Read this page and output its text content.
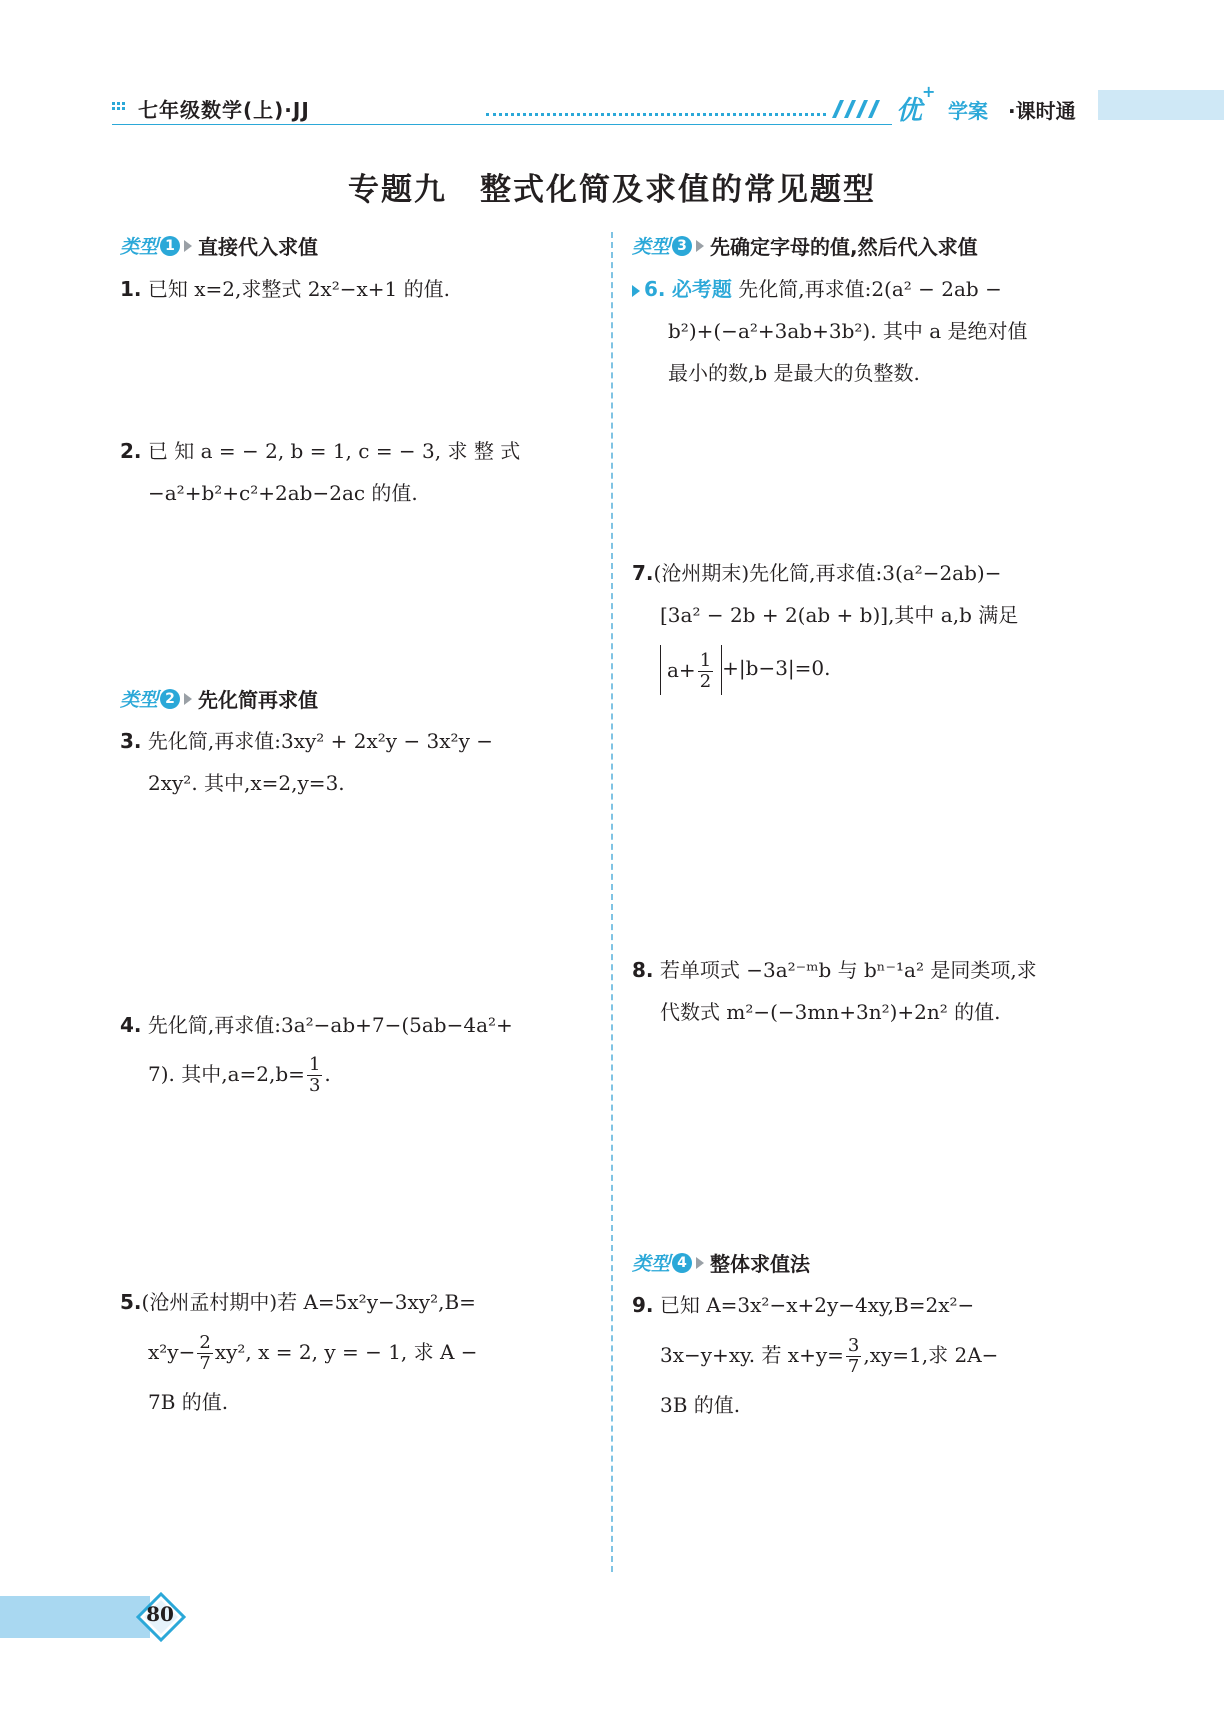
七年级数学(上)·JJ	优+
学案 ·课时通
专题九　整式化简及求值的常见题型
类型 1 直接代入求值
1. 已知 x=2,求整式 2x²−x+1 的值.
2. 已 知 a = − 2, b = 1, c = − 3, 求 整 式
−a²+b²+c²+2ab−2ac 的值.
类型 2 先化简再求值
3. 先化简,再求值:3xy² + 2x²y − 3x²y −
2xy². 其中,x=2,y=3.
4. 先化简,再求值:3a²−ab+7−(5ab−4a²+
7). 其中$,a=2,b= \frac{1}{3}$ .
5.(沧州孟村期中)若 A=5x²y−3xy²,B=
$x^2y- \frac{2}{7} xy^2$, x = 2, y = − 1, 求 A −
7B 的值.
类型 3 先确定字母的值,然后代入求值
6. 必考题 先化简,再求值:2(a² − 2ab −
b²)+(−a²+3ab+3b²). 其中 a 是绝对值
最小的数,b 是最大的负整数.
7.(沧州期末)先化简,再求值:3(a²−2ab)−
[3a² − 2b + 2(ab + b)],其中 a,b 满足
$a+ \frac{1}{2} +|b-3|=0$.
8. 若单项式 −3a²⁻ᵐb 与 bⁿ⁻¹a² 是同类项,求
代数式 m²−(−3mn+3n²)+2n² 的值.
类型 4 整体求值法
9. 已知 A=3x²−x+2y−4xy,B=2x²−
3x−y+xy. 若 $x+y= \frac{3}{7} ,xy=1$,求 2A−
3B 的值.
80
